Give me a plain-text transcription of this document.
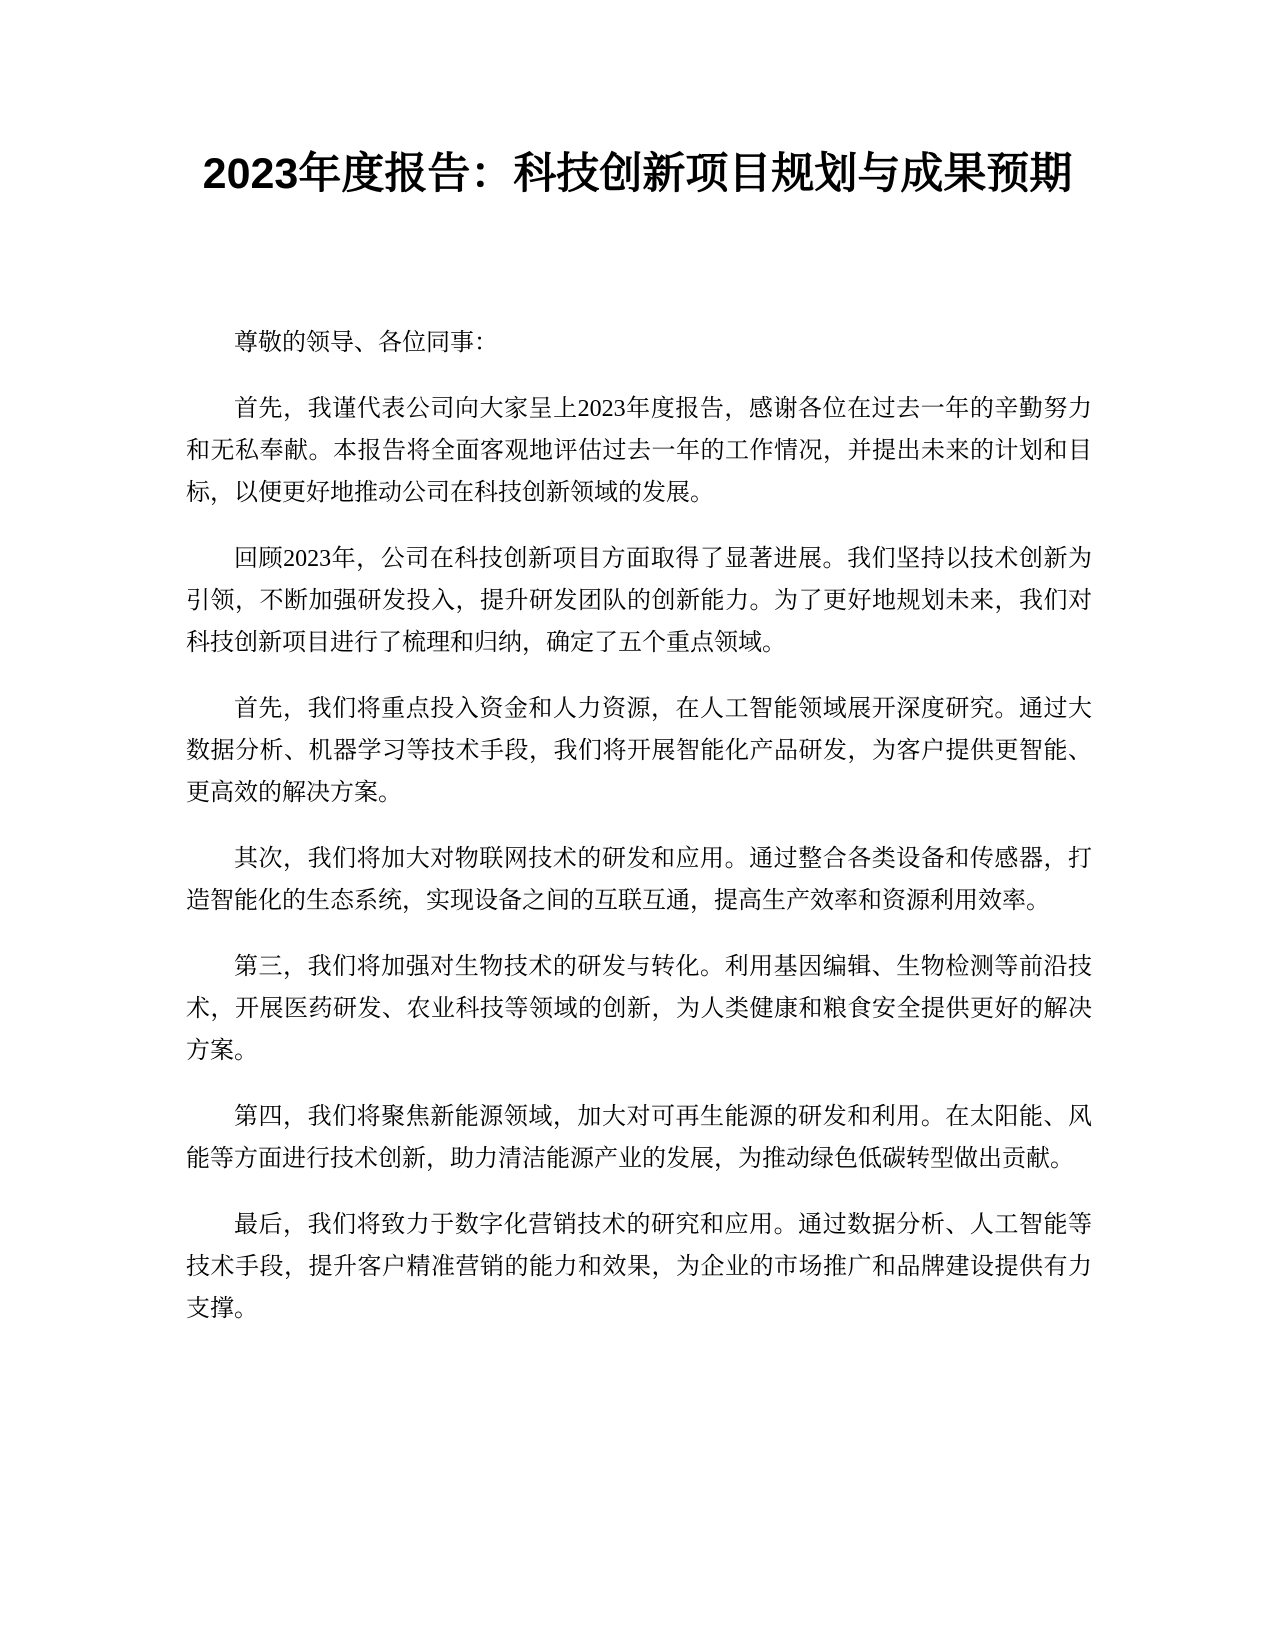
2023年度报告：科技创新项目规划与成果预期

尊敬的领导、各位同事：

首先，我谨代表公司向大家呈上2023年度报告，感谢各位在过去一年的辛勤努力和无私奉献。本报告将全面客观地评估过去一年的工作情况，并提出未来的计划和目标，以便更好地推动公司在科技创新领域的发展。

回顾2023年，公司在科技创新项目方面取得了显著进展。我们坚持以技术创新为引领，不断加强研发投入，提升研发团队的创新能力。为了更好地规划未来，我们对科技创新项目进行了梳理和归纳，确定了五个重点领域。

首先，我们将重点投入资金和人力资源，在人工智能领域展开深度研究。通过大数据分析、机器学习等技术手段，我们将开展智能化产品研发，为客户提供更智能、更高效的解决方案。

其次，我们将加大对物联网技术的研发和应用。通过整合各类设备和传感器，打造智能化的生态系统，实现设备之间的互联互通，提高生产效率和资源利用效率。

第三，我们将加强对生物技术的研发与转化。利用基因编辑、生物检测等前沿技术，开展医药研发、农业科技等领域的创新，为人类健康和粮食安全提供更好的解决方案。

第四，我们将聚焦新能源领域，加大对可再生能源的研发和利用。在太阳能、风能等方面进行技术创新，助力清洁能源产业的发展，为推动绿色低碳转型做出贡献。

最后，我们将致力于数字化营销技术的研究和应用。通过数据分析、人工智能等技术手段，提升客户精准营销的能力和效果，为企业的市场推广和品牌建设提供有力支撑。
